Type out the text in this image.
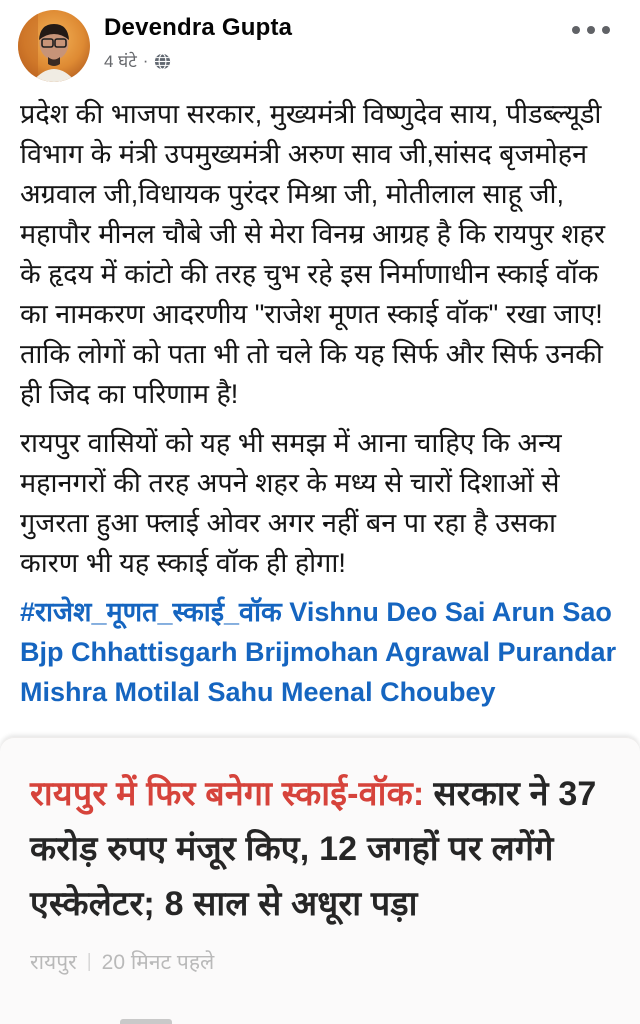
Devendra Gupta
4 घंटे ·

प्रदेश की भाजपा सरकार, मुख्यमंत्री विष्णुदेव साय, पीडब्ल्यूडी विभाग के मंत्री उपमुख्यमंत्री अरुण साव जी,सांसद बृजमोहन अग्रवाल जी,विधायक पुरंदर मिश्रा जी, मोतीलाल साहू जी, महापौर मीनल चौबे जी से मेरा विनम्र आग्रह है कि रायपुर शहर के हृदय में कांटो की तरह चुभ रहे इस निर्माणाधीन स्काई वॉक का नामकरण आदरणीय "राजेश मूणत स्काई वॉक" रखा जाए! ताकि लोगों को पता भी तो चले कि यह सिर्फ और सिर्फ उनकी ही जिद का परिणाम है!

रायपुर वासियों को यह भी समझ में आना चाहिए कि अन्य महानगरों की तरह अपने शहर के मध्य से चारों दिशाओं से गुजरता हुआ फ्लाई ओवर अगर नहीं बन पा रहा है उसका कारण भी यह स्काई वॉक ही होगा!

#राजेश_मूणत_स्काई_वॉक Vishnu Deo Sai Arun Sao Bjp Chhattisgarh Brijmohan Agrawal Purandar Mishra Motilal Sahu Meenal Choubey

रायपुर में फिर बनेगा स्काई-वॉक: सरकार ने 37 करोड़ रुपए मंजूर किए, 12 जगहों पर लगेंगे एस्केलेटर; 8 साल से अधूरा पड़ा
रायपुर | 20 मिनट पहले
